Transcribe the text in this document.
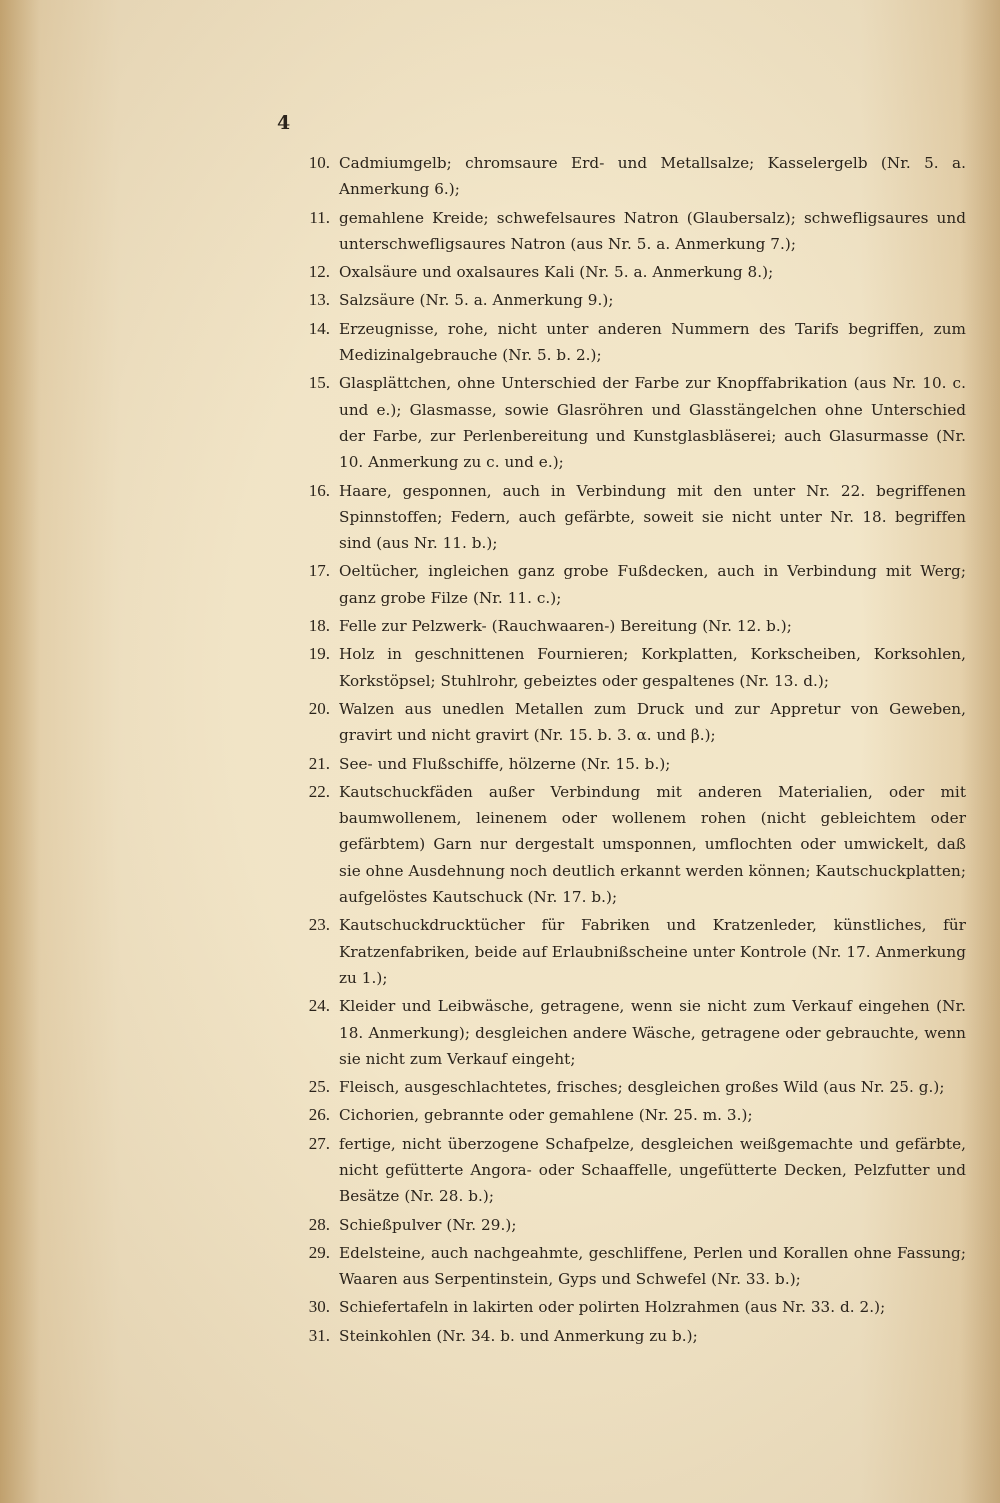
4
10. Cadmiumgelb; chromsaure Erd- und Metallsalze; Kasselergelb (Nr. 5. a. Anmerkung 6.);
11. gemahlene Kreide; schwefelsaures Natron (Glaubersalz); schwefligsaures und unterschwefligsaures Natron (aus Nr. 5. a. Anmerkung 7.);
12. Oxalsäure und oxalsaures Kali (Nr. 5. a. Anmerkung 8.);
13. Salzsäure (Nr. 5. a. Anmerkung 9.);
14. Erzeugnisse, rohe, nicht unter anderen Nummern des Tarifs begriffen, zum Medizinalgebrauche (Nr. 5. b. 2.);
15. Glasplättchen, ohne Unterschied der Farbe zur Knopffabrikation (aus Nr. 10. c. und e.); Glasmasse, sowie Glasröhren und Glasstängelchen ohne Unterschied der Farbe, zur Perlenbereitung und Kunstglasbläserei; auch Glasurmasse (Nr. 10. Anmerkung zu c. und e.);
16. Haare, gesponnen, auch in Verbindung mit den unter Nr. 22. begriffenen Spinnstoffen; Federn, auch gefärbte, soweit sie nicht unter Nr. 18. begriffen sind (aus Nr. 11. b.);
17. Oeltücher, ingleichen ganz grobe Fußdecken, auch in Verbindung mit Werg; ganz grobe Filze (Nr. 11. c.);
18. Felle zur Pelzwerk- (Rauchwaaren-) Bereitung (Nr. 12. b.);
19. Holz in geschnittenen Fournieren; Korkplatten, Korkscheiben, Korksohlen, Korkstöpsel; Stuhlrohr, gebeiztes oder gespaltenes (Nr. 13. d.);
20. Walzen aus unedlen Metallen zum Druck und zur Appretur von Geweben, gravirt und nicht gravirt (Nr. 15. b. 3. α. und β.);
21. See- und Flußschiffe, hölzerne (Nr. 15. b.);
22. Kautschuckfäden außer Verbindung mit anderen Materialien, oder mit baumwollenem, leinenem oder wollenem rohen (nicht gebleichtem oder gefärbtem) Garn nur dergestalt umsponnen, umflochten oder umwickelt, daß sie ohne Ausdehnung noch deutlich erkannt werden können; Kautschuckplatten; aufgelöstes Kautschuck (Nr. 17. b.);
23. Kautschuckdrucktücher für Fabriken und Kratzenleder, künstliches, für Kratzenfabriken, beide auf Erlaubnißscheine unter Kontrole (Nr. 17. Anmerkung zu 1.);
24. Kleider und Leibwäsche, getragene, wenn sie nicht zum Verkauf eingehen (Nr. 18. Anmerkung); desgleichen andere Wäsche, getragene oder gebrauchte, wenn sie nicht zum Verkauf eingeht;
25. Fleisch, ausgeschlachtetes, frisches; desgleichen großes Wild (aus Nr. 25. g.);
26. Cichorien, gebrannte oder gemahlene (Nr. 25. m. 3.);
27. fertige, nicht überzogene Schafpelze, desgleichen weißgemachte und gefärbte, nicht gefütterte Angora- oder Schaaffelle, ungefütterte Decken, Pelzfutter und Besätze (Nr. 28. b.);
28. Schießpulver (Nr. 29.);
29. Edelsteine, auch nachgeahmte, geschliffene, Perlen und Korallen ohne Fassung; Waaren aus Serpentinstein, Gyps und Schwefel (Nr. 33. b.);
30. Schiefertafeln in lakirten oder polirten Holzrahmen (aus Nr. 33. d. 2.);
31. Steinkohlen (Nr. 34. b. und Anmerkung zu b.);
